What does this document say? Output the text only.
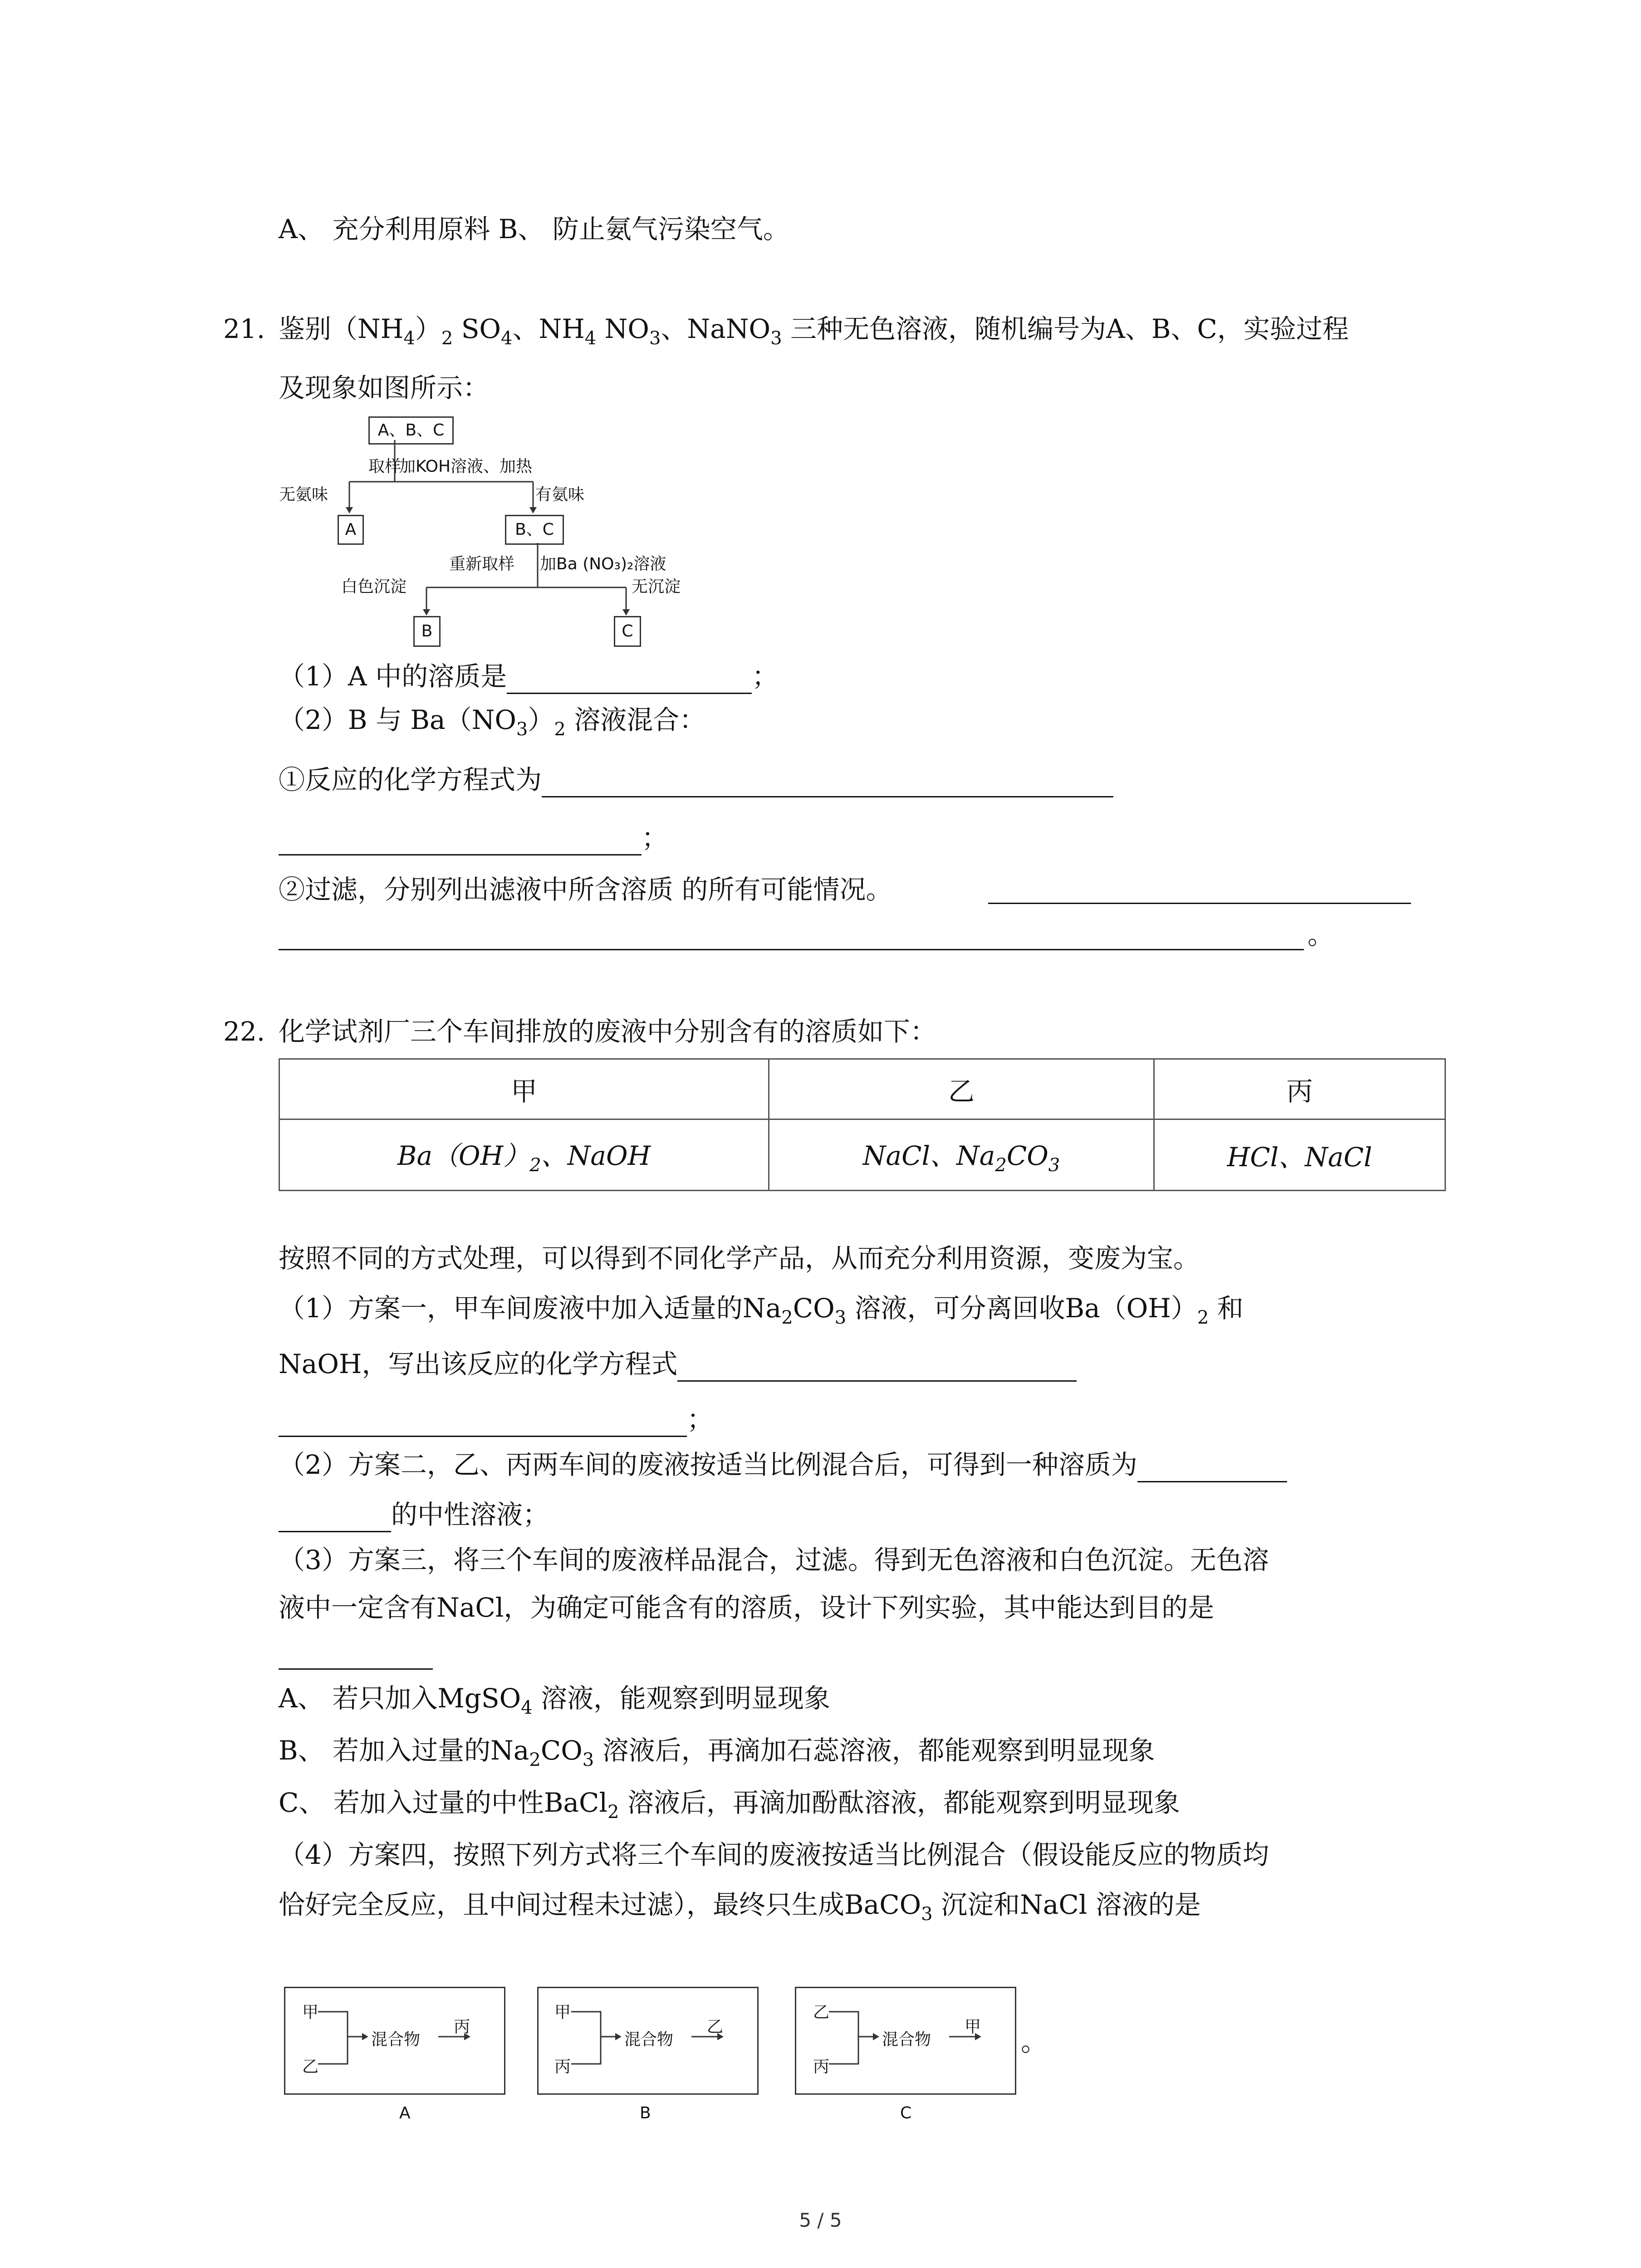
A、 充分利用原料 B、 防止氨气污染空气。
21. 鉴别$(NH_4)_2$ $SO_4$、$NH_4$ $NO_3$、NaNO$_3$ 三种无色溶液，随机编号为A、B、C，实验过程
及现象如图所示：
A、B、C
取样
加KOH溶液、加热
无氨味	有氨味
A	B、C
重新取样 加Ba (NO₃)₂溶液
白色沉淀	无沉淀
B	C
（1）A 中的溶质是	；
（2）B 与 $Ba(NO_3)_2$ 溶液混合：
①反应的化学方程式为
；
②过滤，分别列出滤液中所含溶质 的所有可能情况。
。
22. 化学试剂厂三个车间排放的废液中分别含有的溶质如下：
甲	乙	丙
$Ba(OH)_2$、NaOH	NaCl、$Na_2CO_3$	HCl、NaCl
按照不同的方式处理，可以得到不同化学产品，从而充分利用资源，变废为宝。
（1）方案一，甲车间废液中加入适量的$Na_2CO_3$ 溶液，可分离回收$Ba(OH)_2$ 和
NaOH，写出该反应的化学方程式
；
（2）方案二，乙、丙两车间的废液按适当比例混合后，可得到一种溶质为
的中性溶液；
（3）方案三，将三个车间的废液样品混合，过滤。得到无色溶液和白色沉淀。无色溶
液中一定含有NaCl，为确定可能含有的溶质，设计下列实验，其中能达到目的是
A、 若只加入MgSO$_4$ 溶液，能观察到明显现象
B、 若加入过量的$Na_2CO_3$ 溶液后，再滴加石蕊溶液，都能观察到明显现象
C、 若加入过量的中性BaCl$_2$ 溶液后，再滴加酚酞溶液，都能观察到明显现象
（4）方案四，按照下列方式将三个车间的废液按适当比例混合（假设能反应的物质均
恰好完全反应，且中间过程未过滤），最终只生成BaCO$_3$ 沉淀和NaCl 溶液的是
甲
乙
混合物
丙
A
甲
丙
混合物
乙
B
乙
丙
混合物
甲
C
。
5 / 5
